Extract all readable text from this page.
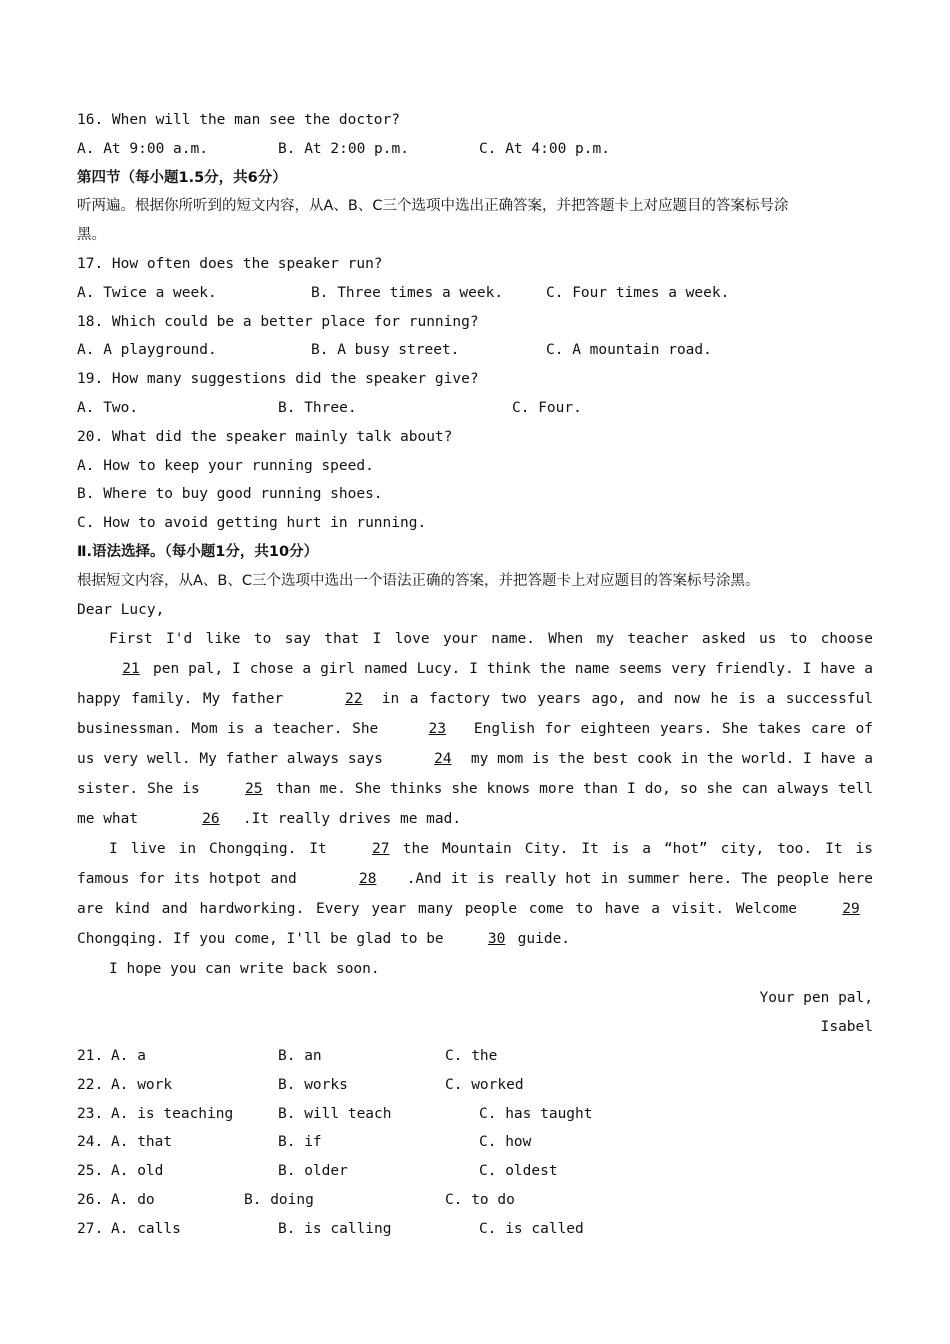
16. When will the man see the doctor?
A. At 9:00 a.m.	B. At 2:00 p.m.	C. At 4:00 p.m.
第四节（每小题1.5分，共6分）
听两遍。根据你所听到的短文内容，从A、B、C三个选项中选出正确答案，并把答题卡上对应题目的答案标号涂
黑。
17. How often does the speaker run?
A. Twice a week.	B. Three times a week.	C. Four times a week.
18. Which could be a better place for running?
A. A playground.	B. A busy street.	C. A mountain road.
19. How many suggestions did the speaker give?
A. Two.	B. Three.	C. Four.
20. What did the speaker mainly talk about?
A. How to keep your running speed.
B. Where to buy good running shoes.
C. How to avoid getting hurt in running.
Ⅱ.语法选择。（每小题1分，共10分）
根据短文内容，从A、B、C三个选项中选出一个语法正确的答案，并把答题卡上对应题目的答案标号涂黑。
Dear Lucy,

First I'd like to say that I love your name. When my teacher asked us to choose21 pen pal, I chose a girl named Lucy. I think the name seems very friendly. I have a happy family. My father	22 in a factory two years ago, and now he is a successful businessman. Mom is a teacher. She	23 English for eighteen years. She takes care of us very well. My father always says	24 my mom is the best cook in the world. I have a sister. She is	25 than me. She thinks she knows more than I do, so she can always tell me what	26 .It really drives me mad.

I live in Chongqing. It	27 the Mountain City. It is a “hot” city, too. It is famous for its hotpot and	28 .And it is really hot in summer here. The people here are kind and hardworking. Every year many people come to have a visit. Welcome	29Chongqing. If you come, I'll be glad to be	30 guide.

I hope you can write back soon.

Your pen pal,
Isabel
21. A. a	B. an	C. the
22. A. work	B. works	C. worked
23. A. is teaching	B. will teach	C. has taught
24. A. that	B. if	C. how
25. A. old	B. older	C. oldest
26. A. do	B. doing	C. to do
27. A. calls	B. is calling	C. is called
